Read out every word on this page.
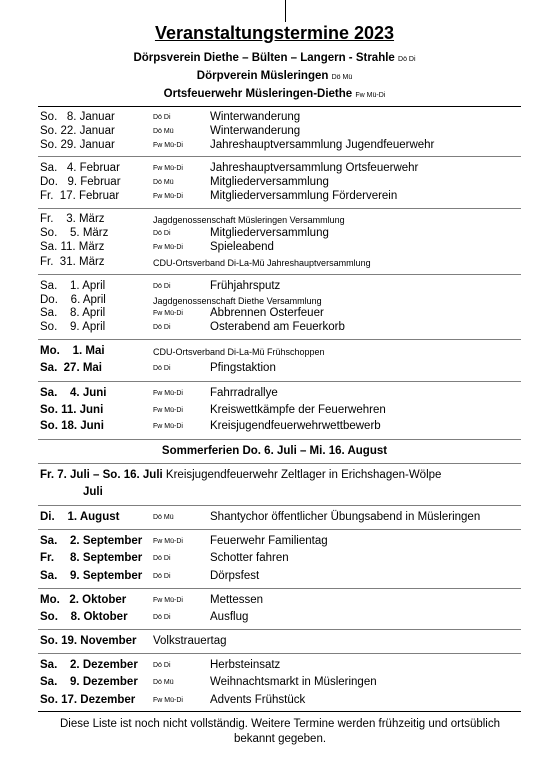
Veranstaltungstermine 2023
Dörpsverein Diethe – Bülten – Langern - Strahle Dö Di
Dörpverein Müsleringen Dö Mü
Ortsfeuerwehr Müsleringen-Diethe Fw Mü-Di
So.   8. Januar	Dö Di	Winterwanderung
So. 22. Januar	Dö Mü	Winterwanderung
So. 29. Januar	Fw Mü-Di Jahreshauptversammlung Jugendfeuerwehr
Sa.   4. Februar	Fw Mü-Di Jahreshauptversammlung Ortsfeuerwehr
Do.   9. Februar	Dö Mü	Mitgliederversammlung
Fr.  17. Februar	Fw Mü-Di Mitgliederversammlung Förderverein
Fr.    3. März	Jagdgenossenschaft Müsleringen Versammlung
So.    5. März	Dö Di	Mitgliederversammlung
Sa. 11. März	Fw Mü-Di Spieleabend
Fr.  31. März	CDU-Ortsverband Di-La-Mü Jahreshauptversammlung
Sa.    1. April	Dö Di	Frühjahrsputz
Do.    6. April	Jagdgenossenschaft Diethe Versammlung
Sa.    8. April	Fw Mü-Di Abbrennen Osterfeuer
So.    9. April	Dö Di	Osterabend am Feuerkorb
Mo.    1. Mai	CDU-Ortsverband Di-La-Mü Frühschoppen
Sa.  27. Mai	Dö Di	Pfingstaktion
Sa.    4. Juni	Fw Mü-Di Fahrradrallye
So. 11. Juni	Fw Mü-Di Kreiswettkämpfe der Feuerwehren
So. 18. Juni	Fw Mü-Di Kreisjugendfeuerwehrwettbewerb
Sommerferien Do. 6. Juli – Mi. 16. August
Fr. 7. Juli – So. 16. Juli Kreisjugendfeuerwehr Zeltlager in Erichshagen-Wölpe
Juli
Di.    1. August	Dö Mü	Shantychor öffentlicher Übungsabend in Müsleringen
Sa.    2. September Fw Mü-Di Feuerwehr Familientag
Fr.     8. September Dö Di	Schotter fahren
Sa.    9. September Dö Di	Dörpsfest
Mo.   2. Oktober	Fw Mü-Di Mettessen
So.    8. Oktober	Dö Di	Ausflug
So. 19. November Volkstrauertag
Sa.    2. Dezember Dö Di	Herbsteinsatz
Sa.    9. Dezember Dö Mü	Weihnachtsmarkt in Müsleringen
So. 17. Dezember	Fw Mü-Di Advents Frühstück
Diese Liste ist noch nicht vollständig. Weitere Termine werden frühzeitig und ortsüblich bekannt gegeben.
